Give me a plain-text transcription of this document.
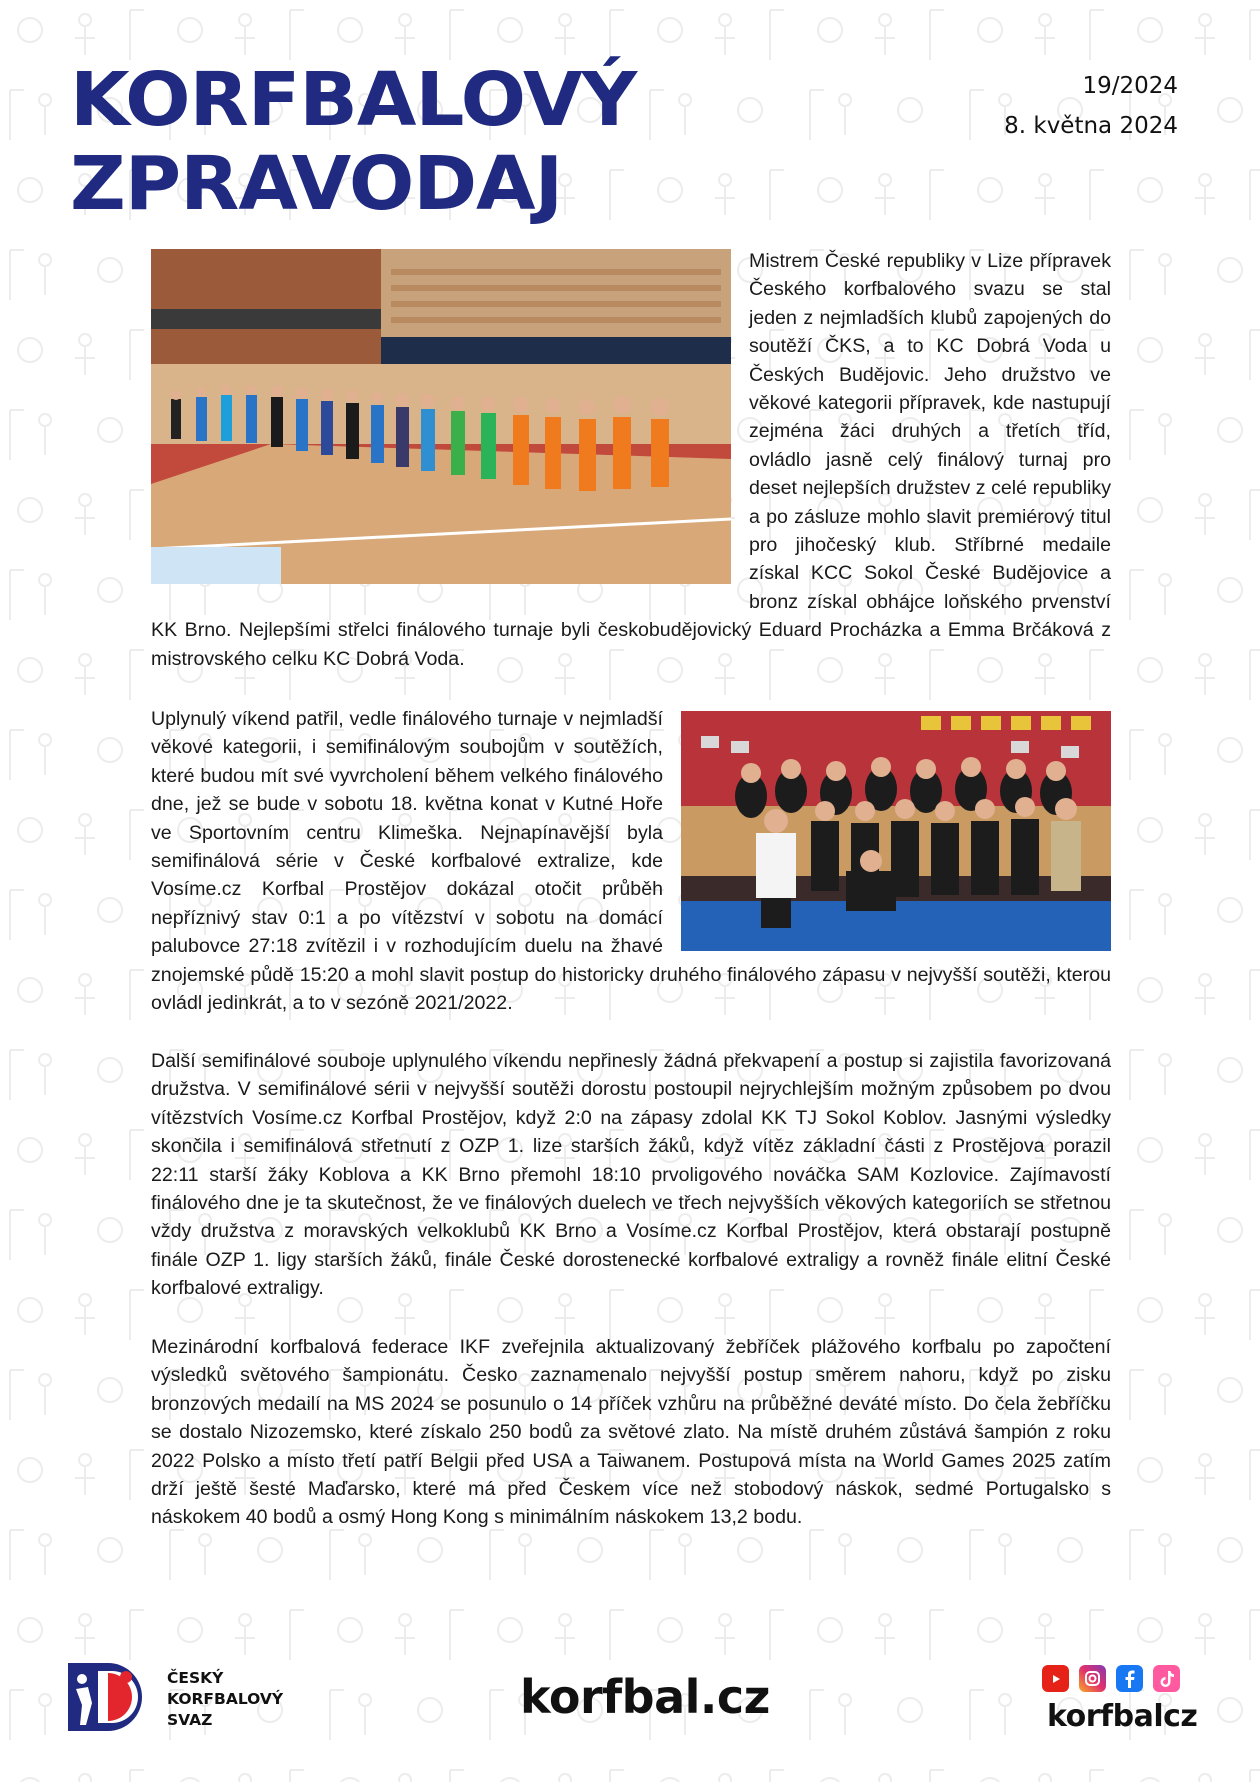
KORFBALOVÝ
ZPRAVODAJ
19/2024
8. května 2024

Mistrem České republiky v Lize přípravek Českého korfbalového svazu se stal jeden z nejmladších klubů zapojených do soutěží ČKS, a to KC Dobrá Voda u Českých Budějovic. Jeho družstvo ve věkové kategorii přípravek, kde nastupují zejména žáci druhých a třetích tříd, ovládlo jasně celý finálový turnaj pro deset nejlepších družstev z celé republiky a po zásluze mohlo slavit premiérový titul pro jihočeský klub. Stříbrné medaile získal KCC Sokol České Budějovice a bronz získal obhájce loňského prvenství KK Brno. Nejlepšími střelci finálového turnaje byli českobudějovický Eduard Procházka a Emma Brčáková z mistrovského celku KC Dobrá Voda.

Uplynulý víkend patřil, vedle finálového turnaje v nejmladší věkové kategorii, i semifinálovým soubojům v soutěžích, které budou mít své vyvrcholení během velkého finálového dne, jež se bude v sobotu 18. května konat v Kutné Hoře ve Sportovním centru Klimeška. Nejnapínavější byla semifinálová série v České korfbalové extralize, kde Vosíme.cz Korfbal Prostějov dokázal otočit průběh nepříznivý stav 0:1 a po vítězství v sobotu na domácí palubovce 27:18 zvítězil i v rozhodujícím duelu na žhavé znojemské půdě 15:20 a mohl slavit postup do historicky druhého finálového zápasu v nejvyšší soutěži, kterou ovládl jedinkrát, a to v sezóně 2021/2022.

Další semifinálové souboje uplynulého víkendu nepřinesly žádná překvapení a postup si zajistila favorizovaná družstva. V semifinálové sérii v nejvyšší soutěži dorostu postoupil nejrychlejším možným způsobem po dvou vítězstvích Vosíme.cz Korfbal Prostějov, když 2:0 na zápasy zdolal KK TJ Sokol Koblov. Jasnými výsledky skončila i semifinálová střetnutí z OZP 1. lize starších žáků, když vítěz základní části z Prostějova porazil 22:11 starší žáky Koblova a KK Brno přemohl 18:10 prvoligového nováčka SAM Kozlovice. Zajímavostí finálového dne je ta skutečnost, že ve finálových duelech ve třech nejvyšších věkových kategoriích se střetnou vždy družstva z moravských velkoklubů KK Brno a Vosíme.cz Korfbal Prostějov, která obstarají postupně finále OZP 1. ligy starších žáků, finále České dorostenecké korfbalové extraligy a rovněž finále elitní České korfbalové extraligy.

Mezinárodní korfbalová federace IKF zveřejnila aktualizovaný žebříček plážového korfbalu po započtení výsledků světového šampionátu. Česko zaznamenalo nejvyšší postup směrem nahoru, když po zisku bronzových medailí na MS 2024 se posunulo o 14 příček vzhůru na průběžné deváté místo. Do čela žebříčku se dostalo Nizozemsko, které získalo 250 bodů za světové zlato. Na místě druhém zůstává šampión z roku 2022 Polsko a místo třetí patří Belgii před USA a Taiwanem. Postupová místa na World Games 2025 zatím drží ještě šesté Maďarsko, které má před Českem více než stobodový náskok, sedmé Portugalsko s náskokem 40 bodů a osmý Hong Kong s minimálním náskokem 13,2 bodu.

ČESKÝ
KORFBALOVÝ
SVAZ	korfbal.cz	korfbalcz
